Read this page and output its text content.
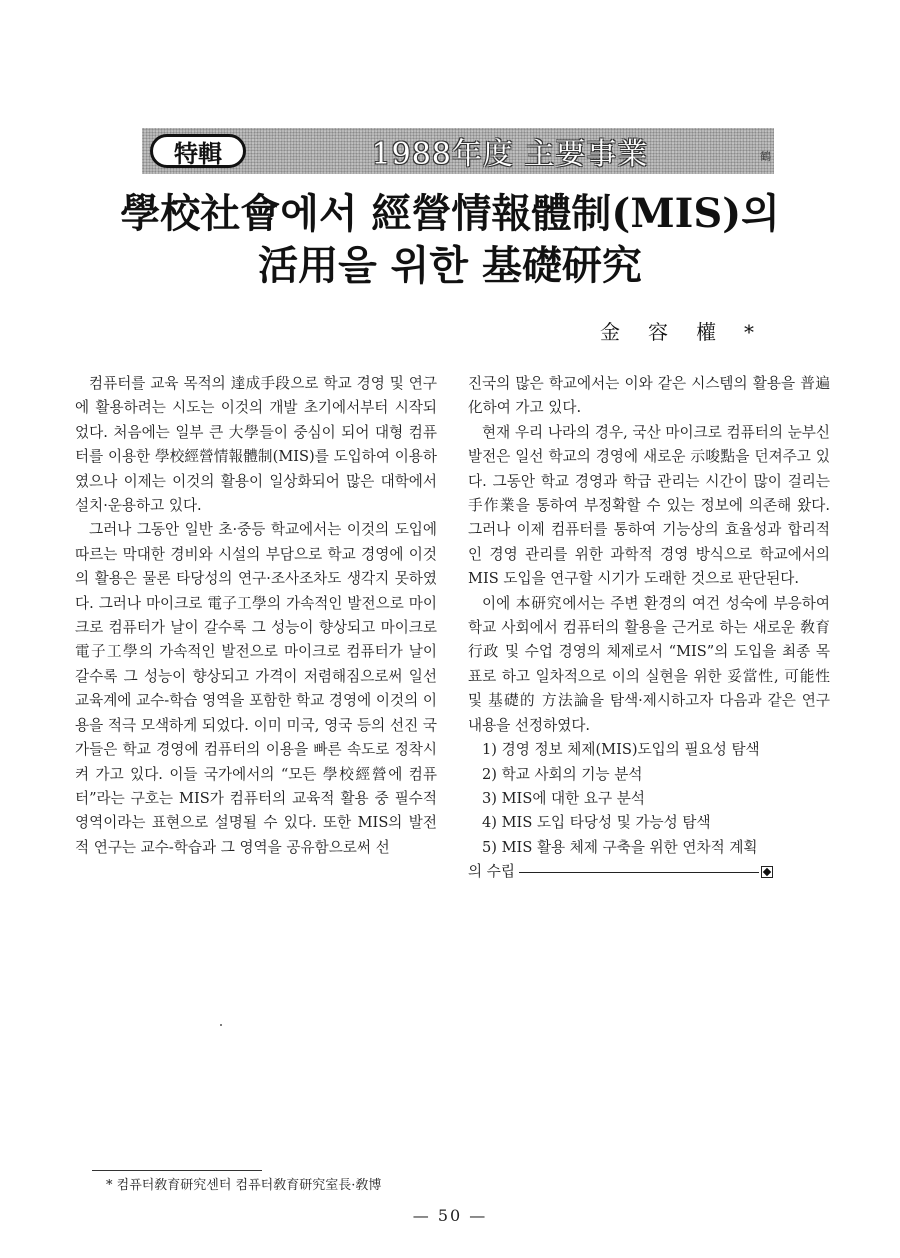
特輯	1988年度 主要事業	鶴
學校社會에서 經營情報體制(MIS)의
活用을 위한 基礎研究
金容權*

컴퓨터를 교육 목적의 達成手段으로 학교 경영 및 연구에 활용하려는 시도는 이것의 개발 초기에서부터 시작되었다. 처음에는 일부 큰 大學들이 중심이 되어 대형 컴퓨터를 이용한 學校經營情報體制(MIS)를 도입하여 이용하였으나 이제는 이것의 활용이 일상화되어 많은 대학에서 설치·운용하고 있다.

그러나 그동안 일반 초·중등 학교에서는 이것의 도입에 따르는 막대한 경비와 시설의 부담으로 학교 경영에 이것의 활용은 물론 타당성의 연구·조사조차도 생각지 못하였다. 그러나 마이크로 電子工學의 가속적인 발전으로 마이크로 컴퓨터가 날이 갈수록 그 성능이 향상되고 마이크로 電子工學의 가속적인 발전으로 마이크로 컴퓨터가 날이 갈수록 그 성능이 향상되고 가격이 저렴해짐으로써 일선 교육계에 교수-학습 영역을 포함한 학교 경영에 이것의 이용을 적극 모색하게 되었다. 이미 미국, 영국 등의 선진 국가들은 학교 경영에 컴퓨터의 이용을 빠른 속도로 정착시켜 가고 있다. 이들 국가에서의 “모든 學校經營에 컴퓨터”라는 구호는 MIS가 컴퓨터의 교육적 활용 중 필수적 영역이라는 표현으로 설명될 수 있다. 또한 MIS의 발전적 연구는 교수-학습과 그 영역을 공유함으로써 선

진국의 많은 학교에서는 이와 같은 시스템의 활용을 普遍化하여 가고 있다.

현재 우리 나라의 경우, 국산 마이크로 컴퓨터의 눈부신 발전은 일선 학교의 경영에 새로운 示唆點을 던져주고 있다. 그동안 학교 경영과 학급 관리는 시간이 많이 걸리는 手作業을 통하여 부정확할 수 있는 정보에 의존해 왔다. 그러나 이제 컴퓨터를 통하여 기능상의 효율성과 합리적인 경영 관리를 위한 과학적 경영 방식으로 학교에서의 MIS 도입을 연구할 시기가 도래한 것으로 판단된다.

이에 本研究에서는 주변 환경의 여건 성숙에 부응하여 학교 사회에서 컴퓨터의 활용을 근거로 하는 새로운 敎育行政 및 수업 경영의 체제로서 “MIS”의 도입을 최종 목표로 하고 일차적으로 이의 실현을 위한 妥當性, 可能性 및 基礎的 方法論을 탐색·제시하고자 다음과 같은 연구 내용을 선정하였다.

1) 경영 정보 체제(MIS)도입의 필요성 탐색

2) 학교 사회의 기능 분석

3) MIS에 대한 요구 분석

4) MIS 도입 타당성 및 가능성 탐색

5) MIS 활용 체제 구축을 위한 연차적 계획

의 수립

* 컴퓨터敎育研究센터 컴퓨터敎育研究室長·敎博
— 50 —
